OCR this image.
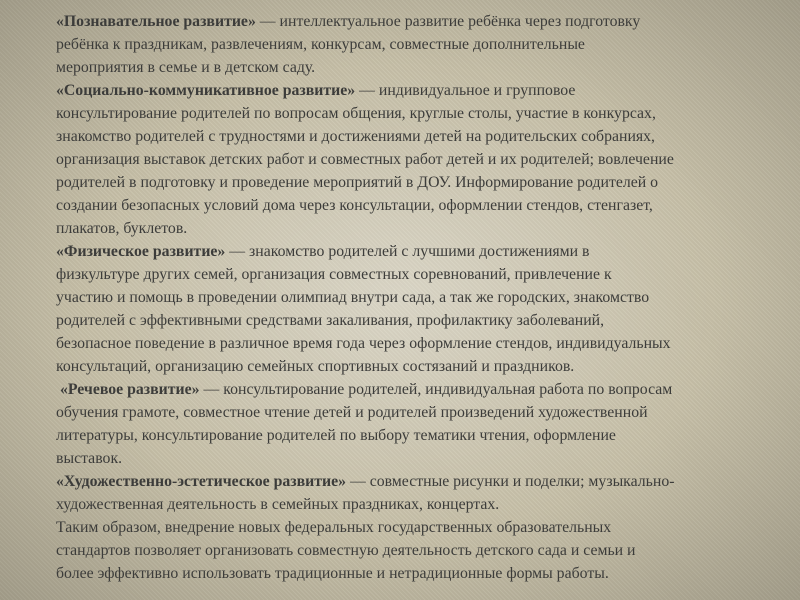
«Познавательное развитие» — интеллектуальное развитие ребёнка через подготовку
ребёнка к праздникам, развлечениям, конкурсам, совместные дополнительные
мероприятия в семье и в детском саду.

«Социально-коммуникативное развитие» — индивидуальное и групповое
консультирование родителей по вопросам общения, круглые столы, участие в конкурсах,
знакомство родителей с трудностями и достижениями детей на родительских собраниях,
организация выставок детских работ и совместных работ детей и их родителей; вовлечение
родителей в подготовку и проведение мероприятий в ДОУ. Информирование родителей о
создании безопасных условий дома через консультации, оформлении стендов, стенгазет,
плакатов, буклетов.

«Физическое развитие» — знакомство родителей с лучшими достижениями в
физкультуре других семей, организация совместных соревнований, привлечение к
участию и помощь в проведении олимпиад внутри сада, а так же городских, знакомство
родителей с эффективными средствами закаливания, профилактику заболеваний,
безопасное поведение в различное время года через оформление стендов, индивидуальных
консультаций, организацию семейных спортивных состязаний и праздников.

«Речевое развитие» — консультирование родителей, индивидуальная работа по вопросам
обучения грамоте, совместное чтение детей и родителей произведений художественной
литературы, консультирование родителей по выбору тематики чтения, оформление
выставок.

«Художественно-эстетическое развитие» — совместные рисунки и поделки; музыкально-
художественная деятельность в семейных праздниках, концертах.

Таким образом, внедрение новых федеральных государственных образовательных
стандартов позволяет организовать совместную деятельность детского сада и семьи и
более эффективно использовать традиционные и нетрадиционные формы работы.
